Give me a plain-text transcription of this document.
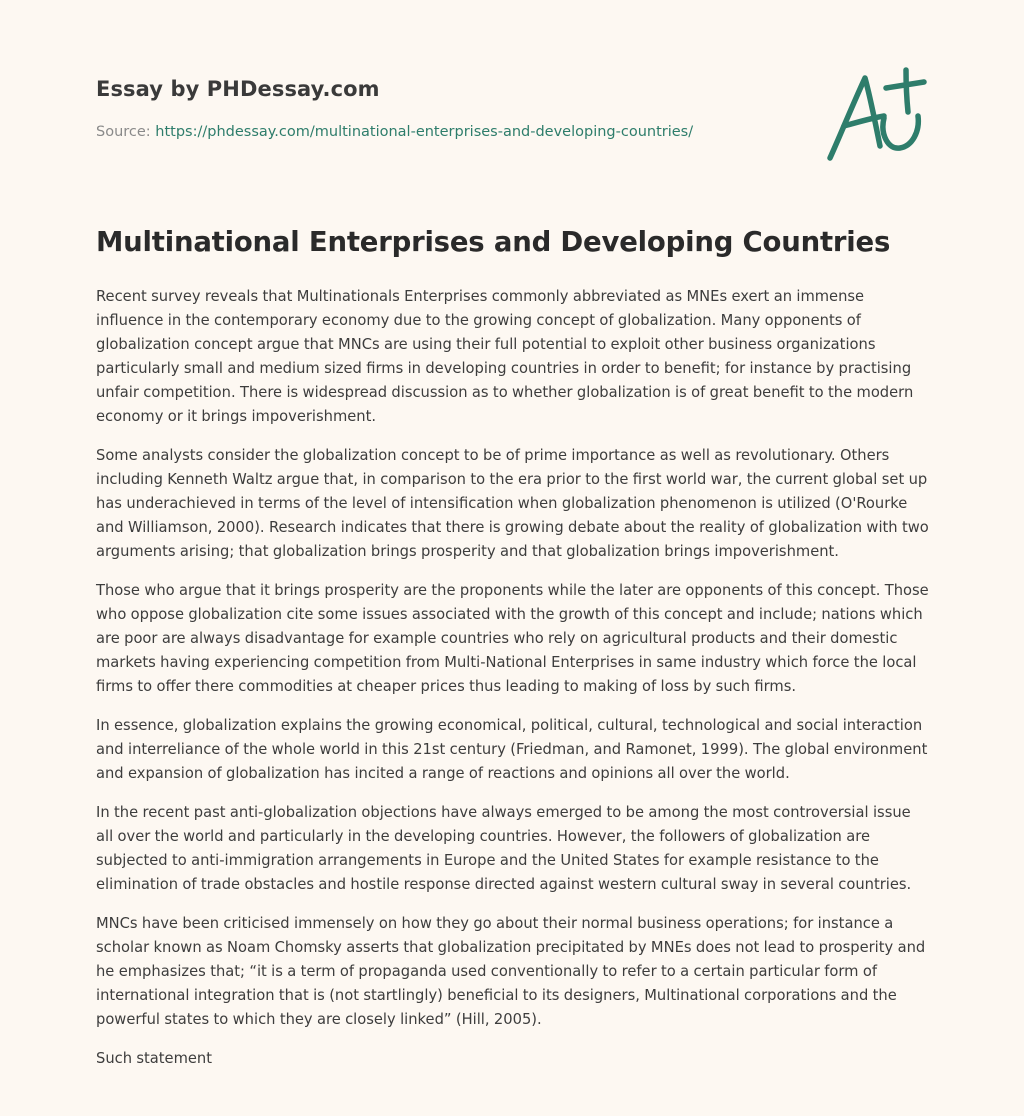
Essay by PHDessay.com
Source: https://phdessay.com/multinational-enterprises-and-developing-countries/
Multinational Enterprises and Developing Countries

Recent survey reveals that Multinationals Enterprises commonly abbreviated as MNEs exert an immense influence in the contemporary economy due to the growing concept of globalization. Many opponents of globalization concept argue that MNCs are using their full potential to exploit other business organizations particularly small and medium sized firms in developing countries in order to benefit; for instance by practising unfair competition. There is widespread discussion as to whether globalization is of great benefit to the modern economy or it brings impoverishment.

Some analysts consider the globalization concept to be of prime importance as well as revolutionary. Others including Kenneth Waltz argue that, in comparison to the era prior to the first world war, the current global set up has underachieved in terms of the level of intensification when globalization phenomenon is utilized (O'Rourke and Williamson, 2000). Research indicates that there is growing debate about the reality of globalization with two arguments arising; that globalization brings prosperity and that globalization brings impoverishment.

Those who argue that it brings prosperity are the proponents while the later are opponents of this concept. Those who oppose globalization cite some issues associated with the growth of this concept and include; nations which are poor are always disadvantage for example countries who rely on agricultural products and their domestic markets having experiencing competition from Multi-National Enterprises in same industry which force the local firms to offer there commodities at cheaper prices thus leading to making of loss by such firms.

In essence, globalization explains the growing economical, political, cultural, technological and social interaction and interreliance of the whole world in this 21st century (Friedman, and Ramonet, 1999). The global environment and expansion of globalization has incited a range of reactions and opinions all over the world.

In the recent past anti-globalization objections have always emerged to be among the most controversial issue all over the world and particularly in the developing countries. However, the followers of globalization are subjected to anti-immigration arrangements in Europe and the United States for example resistance to the elimination of trade obstacles and hostile response directed against western cultural sway in several countries.

MNCs have been criticised immensely on how they go about their normal business operations; for instance a scholar known as Noam Chomsky asserts that globalization precipitated by MNEs does not lead to prosperity and he emphasizes that; “it is a term of propaganda used conventionally to refer to a certain particular form of international integration that is (not startlingly) beneficial to its designers, Multinational corporations and the powerful states to which they are closely linked” (Hill, 2005).

Such statement
